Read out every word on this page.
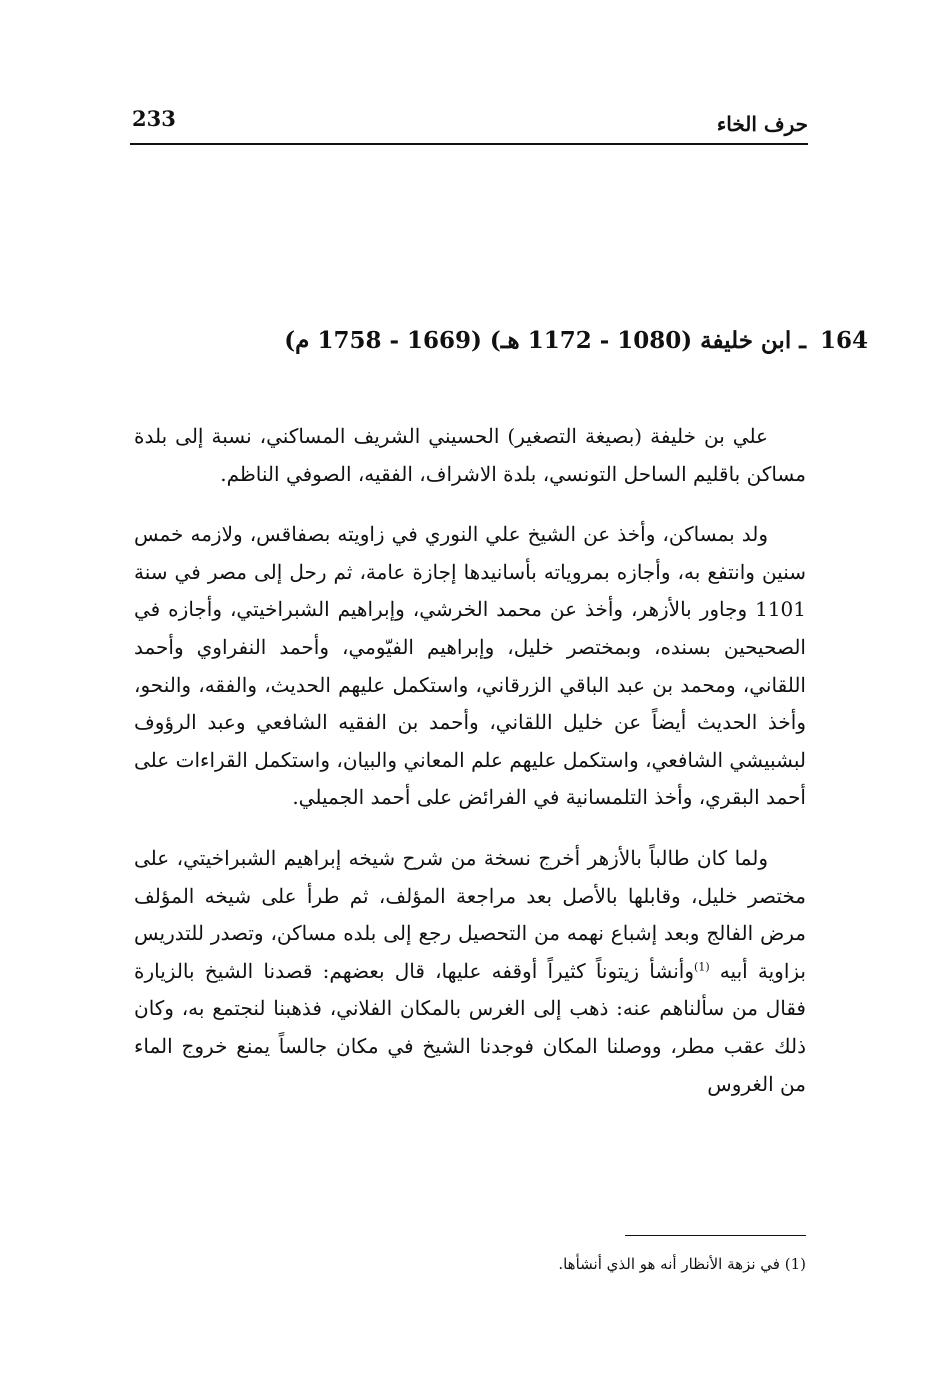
حرف الخاء
233
164 ـ ابن خليفة (1080 - 1172 هـ) (1669 - 1758 م)

علي بن خليفة (بصيغة التصغير) الحسيني الشريف المساكني، نسبة إلى بلدة مساكن باقليم الساحل التونسي، بلدة الاشراف، الفقيه، الصوفي الناظم.

ولد بمساكن، وأخذ عن الشيخ علي النوري في زاويته بصفاقس، ولازمه خمس سنين وانتفع به، وأجازه بمروياته بأسانيدها إجازة عامة، ثم رحل إلى مصر في سنة 1101 وجاور بالأزهر، وأخذ عن محمد الخرشي، وإبراهيم الشبراخيتي، وأجازه في الصحيحين بسنده، وبمختصر خليل، وإبراهيم الفيّومي، وأحمد النفراوي وأحمد اللقاني، ومحمد بن عبد الباقي الزرقاني، واستكمل عليهم الحديث، والفقه، والنحو، وأخذ الحديث أيضاً عن خليل اللقاني، وأحمد بن الفقيه الشافعي وعبد الرؤوف لبشبيشي الشافعي، واستكمل عليهم علم المعاني والبيان، واستكمل القراءات على أحمد البقري، وأخذ التلمسانية في الفرائض على أحمد الجميلي.

ولما كان طالباً بالأزهر أخرج نسخة من شرح شيخه إبراهيم الشبراخيتي، على مختصر خليل، وقابلها بالأصل بعد مراجعة المؤلف، ثم طرأ على شيخه المؤلف مرض الفالج وبعد إشباع نهمه من التحصيل رجع إلى بلده مساكن، وتصدر للتدريس بزاوية أبيه $^{(1)}$وأنشأ زيتوناً كثيراً أوقفه عليها، قال بعضهم: قصدنا الشيخ بالزيارة فقال من سألناهم عنه: ذهب إلى الغرس بالمكان الفلاني، فذهبنا لنجتمع به، وكان ذلك عقب مطر، ووصلنا المكان فوجدنا الشيخ في مكان جالساً يمنع خروج الماء من الغروس

(1) في نزهة الأنظار أنه هو الذي أنشأها.
